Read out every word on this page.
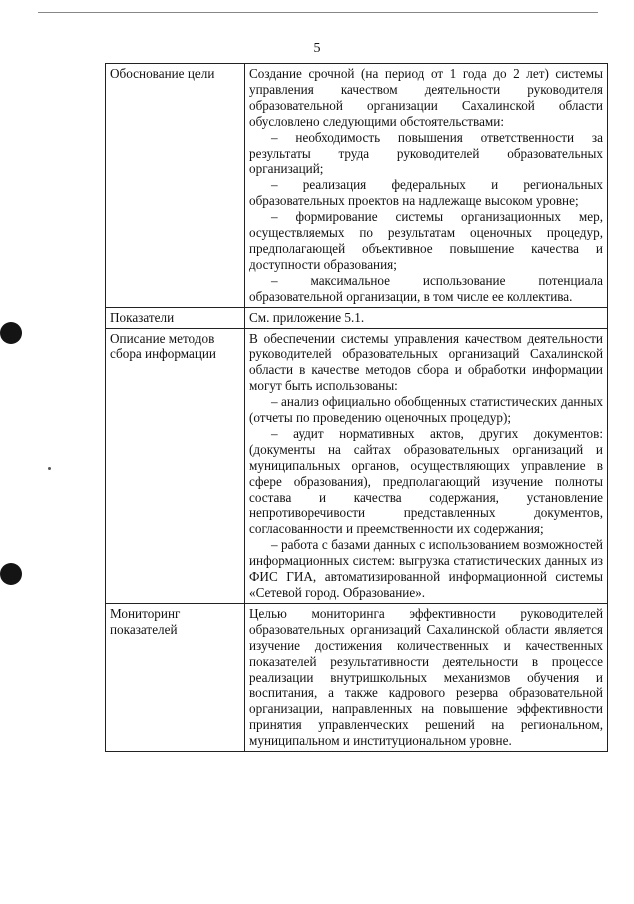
5
Обоснование цели	Создание срочной (на период от 1 года до 2 лет) системы управления качеством деятельности руководителя образовательной организации Сахалинской области обусловлено следующими обстоятельствами:

– необходимость повышения ответственности за результаты труда руководителей образовательных организаций;

– реализация федеральных и региональных образовательных проектов на надлежаще высоком уровне;

– формирование системы организационных мер, осуществляемых по результатам оценочных процедур, предполагающей объективное повышение качества и доступности образования;

– максимальное использование потенциала образовательной организации, в том числе ее коллектива.

Показатели	См. приложение 5.1.

Описание методов сбора информации	В обеспечении системы управления качеством деятельности руководителей образовательных организаций Сахалинской области в качестве методов сбора и обработки информации могут быть использованы:

– анализ официально обобщенных статистических данных (отчеты по проведению оценочных процедур);

– аудит нормативных актов, других документов: (документы на сайтах образовательных организаций и муниципальных органов, осуществляющих управление в сфере образования), предполагающий изучение полноты состава и качества содержания, установление непротиворечивости представленных документов, согласованности и преемственности их содержания;

– работа с базами данных с использованием возможностей информационных систем: выгрузка статистических данных из ФИС ГИА, автоматизированной информационной системы «Сетевой город. Образование».

Мониторинг показателей	Целью мониторинга эффективности руководителей образовательных организаций Сахалинской области является изучение достижения количественных и качественных показателей результативности деятельности в процессе реализации внутришкольных механизмов обучения и воспитания, а также кадрового резерва образовательной организации, направленных на повышение эффективности принятия управленческих решений на региональном, муниципальном и институциональном уровне.
